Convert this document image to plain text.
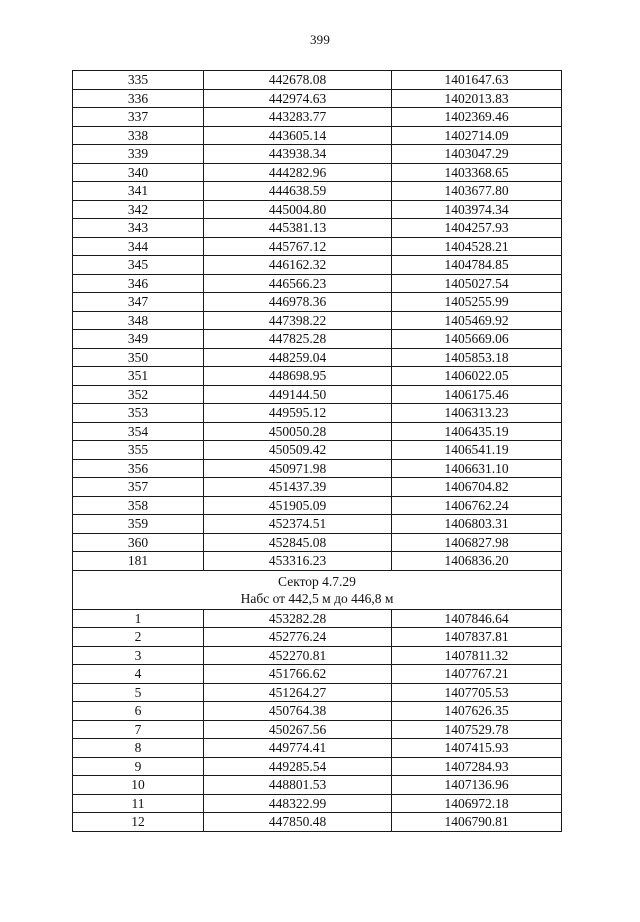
399
335	442678.08	1401647.63
336	442974.63	1402013.83
337	443283.77	1402369.46
338	443605.14	1402714.09
339	443938.34	1403047.29
340	444282.96	1403368.65
341	444638.59	1403677.80
342	445004.80	1403974.34
343	445381.13	1404257.93
344	445767.12	1404528.21
345	446162.32	1404784.85
346	446566.23	1405027.54
347	446978.36	1405255.99
348	447398.22	1405469.92
349	447825.28	1405669.06
350	448259.04	1405853.18
351	448698.95	1406022.05
352	449144.50	1406175.46
353	449595.12	1406313.23
354	450050.28	1406435.19
355	450509.42	1406541.19
356	450971.98	1406631.10
357	451437.39	1406704.82
358	451905.09	1406762.24
359	452374.51	1406803.31
360	452845.08	1406827.98
181	453316.23	1406836.20

Сектор 4.7.29
Набс от 442,5 м до 446,8 м		

1	453282.28	1407846.64
2	452776.24	1407837.81
3	452270.81	1407811.32
4	451766.62	1407767.21
5	451264.27	1407705.53
6	450764.38	1407626.35
7	450267.56	1407529.78
8	449774.41	1407415.93
9	449285.54	1407284.93
10	448801.53	1407136.96
11	448322.99	1406972.18
12	447850.48	1406790.81
